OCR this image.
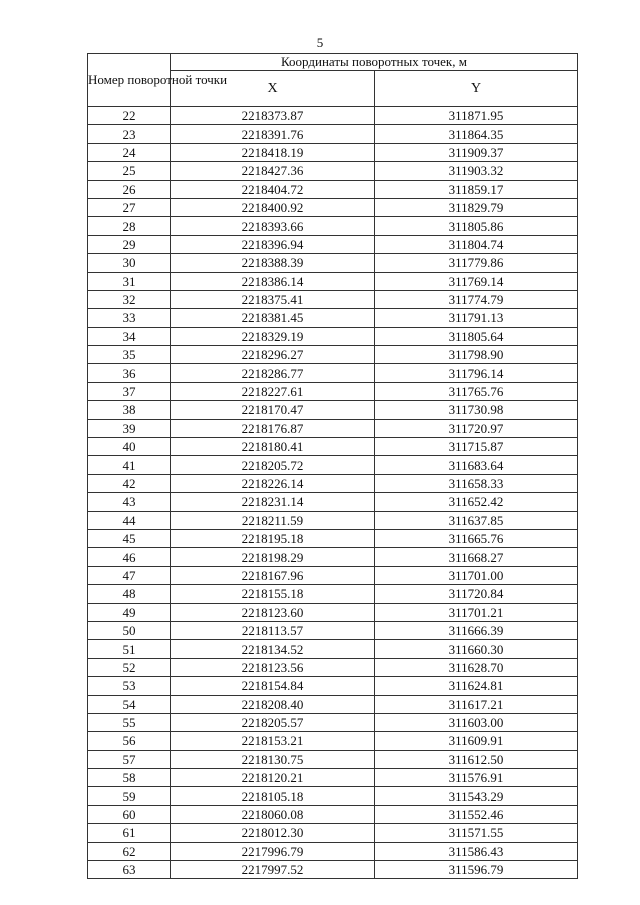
5
Номер поворотной точки	Координаты поворотных точек, м	
	X	Y
22	2218373.87	311871.95
23	2218391.76	311864.35
24	2218418.19	311909.37
25	2218427.36	311903.32
26	2218404.72	311859.17
27	2218400.92	311829.79
28	2218393.66	311805.86
29	2218396.94	311804.74
30	2218388.39	311779.86
31	2218386.14	311769.14
32	2218375.41	311774.79
33	2218381.45	311791.13
34	2218329.19	311805.64
35	2218296.27	311798.90
36	2218286.77	311796.14
37	2218227.61	311765.76
38	2218170.47	311730.98
39	2218176.87	311720.97
40	2218180.41	311715.87
41	2218205.72	311683.64
42	2218226.14	311658.33
43	2218231.14	311652.42
44	2218211.59	311637.85
45	2218195.18	311665.76
46	2218198.29	311668.27
47	2218167.96	311701.00
48	2218155.18	311720.84
49	2218123.60	311701.21
50	2218113.57	311666.39
51	2218134.52	311660.30
52	2218123.56	311628.70
53	2218154.84	311624.81
54	2218208.40	311617.21
55	2218205.57	311603.00
56	2218153.21	311609.91
57	2218130.75	311612.50
58	2218120.21	311576.91
59	2218105.18	311543.29
60	2218060.08	311552.46
61	2218012.30	311571.55
62	2217996.79	311586.43
63	2217997.52	311596.79
